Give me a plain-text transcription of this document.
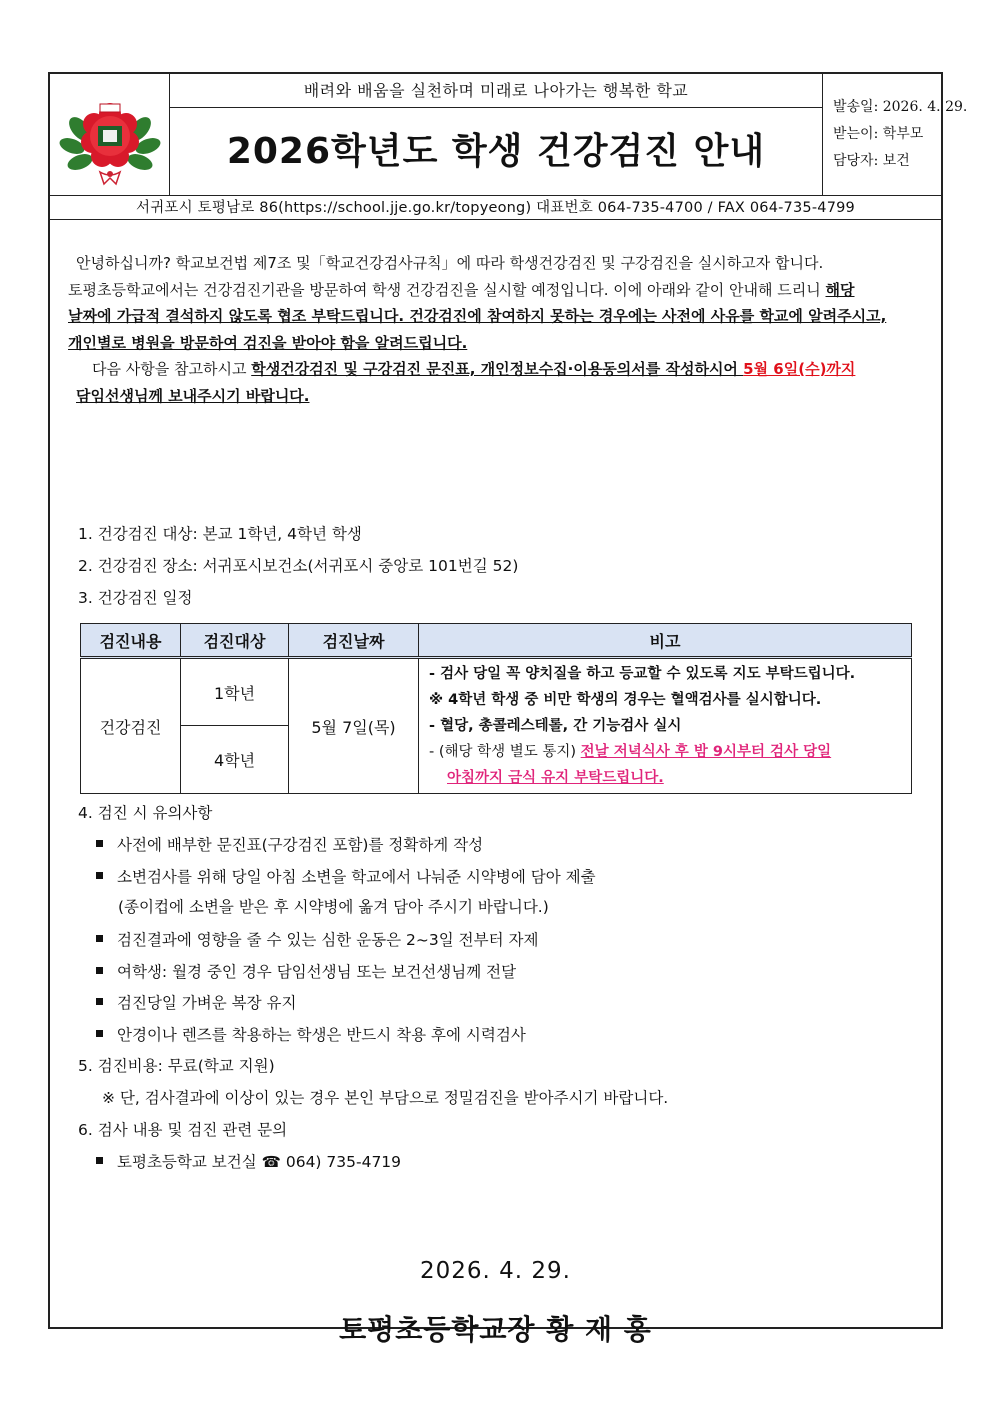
배려와 배움을 실천하며 미래로 나아가는 행복한 학교
2026학년도 학생 건강검진 안내
발송일: 2026. 4. 29.
받는이: 학부모
담당자: 보건
서귀포시 토평남로 86(https://school.jje.go.kr/topyeong) 대표번호 064-735-4700 / FAX 064-735-4799

안녕하십니까? 학교보건법 제7조 및「학교건강검사규칙」에 따라 학생건강검진 및 구강검진을 실시하고자 합니다.

토평초등학교에서는 건강검진기관을 방문하여 학생 건강검진을 실시할 예정입니다. 이에 아래와 같이 안내해 드리니 해당

날짜에 가급적 결석하지 않도록 협조 부탁드립니다. 건강검진에 참여하지 못하는 경우에는 사전에 사유를 학교에 알려주시고,

개인별로 병원을 방문하여 검진을 받아야 함을 알려드립니다.

다음 사항을 참고하시고 학생건강검진 및 구강검진 문진표, 개인정보수집·이용동의서를 작성하시어 5월 6일(수)까지

담임선생님께 보내주시기 바랍니다.

1. 건강검진 대상: 본교 1학년, 4학년 학생
2. 건강검진 장소: 서귀포시보건소(서귀포시 중앙로 101번길 52)
3. 건강검진 일정
검진내용	검진대상	검진날짜	비고
건강검진	1학년	5월 7일(목)	- 검사 당일 꼭 양치질을 하고 등교할 수 있도록 지도 부탁드립니다.
※ 4학년 학생 중 비만 학생의 경우는 혈액검사를 실시합니다.
- 혈당, 총콜레스테롤, 간 기능검사 실시
- (해당 학생 별도 통지) 전날 저녁식사 후 밤 9시부터 검사 당일
아침까지 금식 유지 부탁드립니다.

	4학년		
4. 검진 시 유의사항
사전에 배부한 문진표(구강검진 포함)를 정확하게 작성
소변검사를 위해 당일 아침 소변을 학교에서 나눠준 시약병에 담아 제출
(종이컵에 소변을 받은 후 시약병에 옮겨 담아 주시기 바랍니다.)
검진결과에 영향을 줄 수 있는 심한 운동은 2~3일 전부터 자제
여학생: 월경 중인 경우 담임선생님 또는 보건선생님께 전달
검진당일 가벼운 복장 유지
안경이나 렌즈를 착용하는 학생은 반드시 착용 후에 시력검사
5. 검진비용: 무료(학교 지원)
※ 단, 검사결과에 이상이 있는 경우 본인 부담으로 정밀검진을 받아주시기 바랍니다.
6. 검사 내용 및 검진 관련 문의
토평초등학교 보건실 ☎ 064) 735-4719
2026. 4. 29.
토평초등학교장 황 재 홍
